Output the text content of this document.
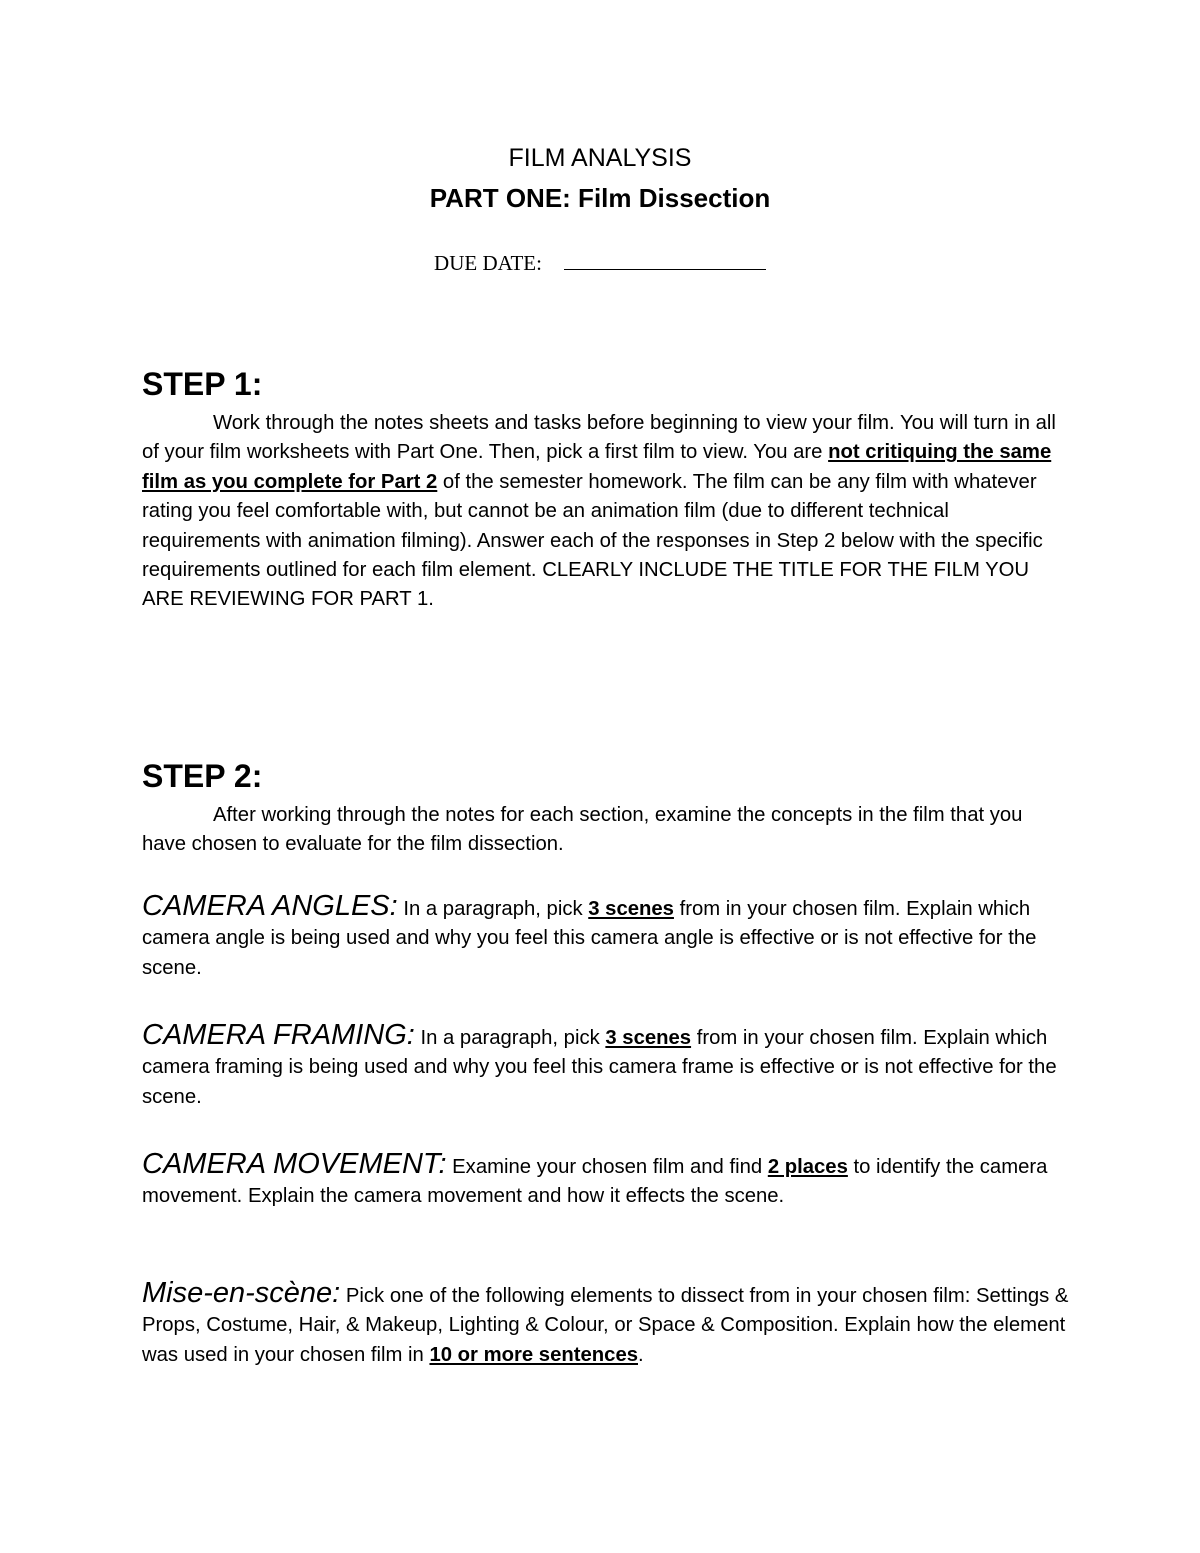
FILM ANALYSIS
PART ONE: Film Dissection
DUE DATE:
STEP 1:
Work through the notes sheets and tasks before beginning to view your film. You will turn in all of your film worksheets with Part One. Then, pick a first film to view. You are not critiquing the same film as you complete for Part 2 of the semester homework. The film can be any film with whatever rating you feel comfortable with, but cannot be an animation film (due to different technical requirements with animation filming). Answer each of the responses in Step 2 below with the specific requirements outlined for each film element. CLEARLY INCLUDE THE TITLE FOR THE FILM YOU ARE REVIEWING FOR PART 1.
STEP 2:
After working through the notes for each section, examine the concepts in the film that you have chosen to evaluate for the film dissection.
CAMERA ANGLES: In a paragraph, pick 3 scenes from in your chosen film. Explain which camera angle is being used and why you feel this camera angle is effective or is not effective for the scene.
CAMERA FRAMING: In a paragraph, pick 3 scenes from in your chosen film. Explain which camera framing is being used and why you feel this camera frame is effective or is not effective for the scene.
CAMERA MOVEMENT: Examine your chosen film and find 2 places to identify the camera movement. Explain the camera movement and how it effects the scene.
Mise-en-scène: Pick one of the following elements to dissect from in your chosen film: Settings & Props, Costume, Hair, & Makeup, Lighting & Colour, or Space & Composition. Explain how the element was used in your chosen film in 10 or more sentences.
